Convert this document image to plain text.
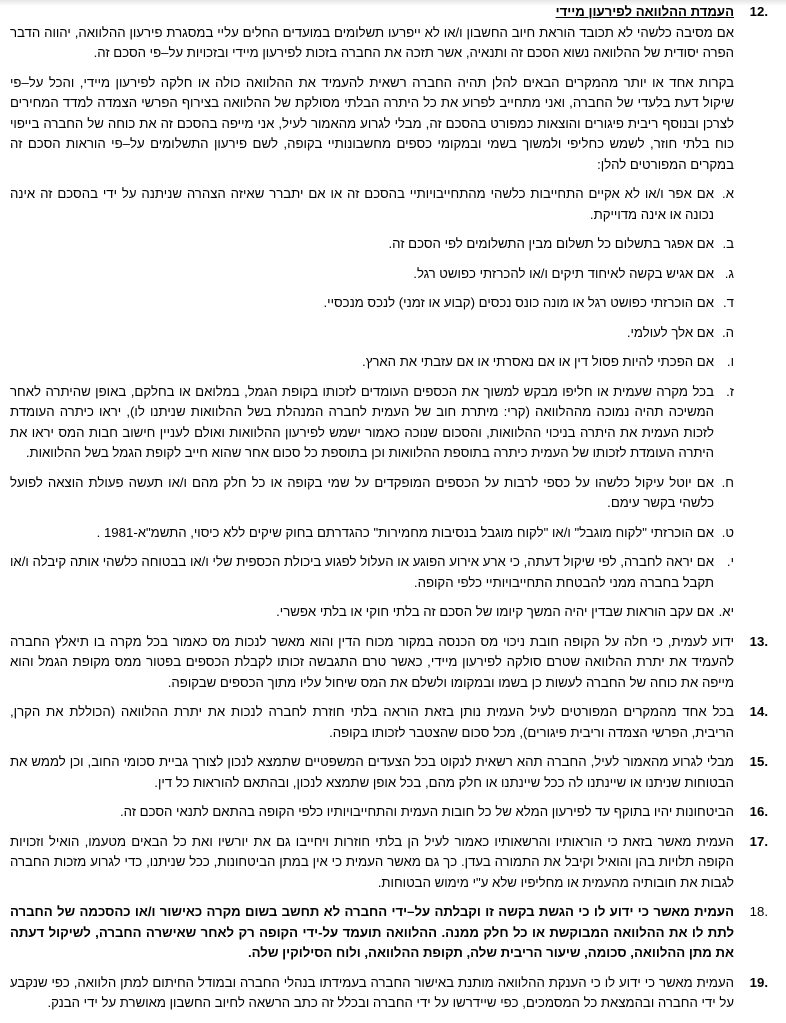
12.
העמדת ההלוואה לפירעון מיידי

אם מסיבה כלשהי לא תכובד הוראת חיוב החשבון ו/או לא ייפרעו תשלומים במועדים החלים עליי במסגרת פירעון ההלוואה, יהווה הדבר הפרה יסודית של ההלוואה נשוא הסכם זה ותנאיה, אשר תזכה את החברה בזכות לפירעון מיידי ובזכויות על–פי הסכם זה.

בקרות אחד או יותר מהמקרים הבאים להלן תהיה החברה רשאית להעמיד את ההלוואה כולה או חלקה לפירעון מיידי, והכל על–פי שיקול דעת בלעדי של החברה, ואני מתחייב לפרוע את כל היתרה הבלתי מסולקת של ההלוואה בצירוף הפרשי הצמדה למדד המחירים לצרכן ובנוסף ריבית פיגורים והוצאות כמפורט בהסכם זה, מבלי לגרוע מהאמור לעיל, אני מייפה בהסכם זה את כוחה של החברה בייפוי כוח בלתי חוזר, לשמש כחליפי ולמשוך בשמי ובמקומי כספים מחשבונותיי בקופה, לשם פירעון התשלומים על–פי הוראות הסכם זה במקרים המפורטים להלן:

א.
אם אפר ו/או לא אקיים התחייבות כלשהי מהתחייבויותיי בהסכם זה או אם יתברר שאיזה הצהרה שניתנה על ידי בהסכם זה אינה נכונה או אינה מדוייקת.
ב.
אם אפגר בתשלום כל תשלום מבין התשלומים לפי הסכם זה.
ג.
אם אגיש בקשה לאיחוד תיקים ו/או להכרזתי כפושט רגל.
ד.
אם הוכרזתי כפושט רגל או מונה כונס נכסים (קבוע או זמני) לנכס מנכסיי.
ה.
אם אלך לעולמי.
ו.
אם הפכתי להיות פסול דין או אם נאסרתי או אם עזבתי את הארץ.
ז.
בכל מקרה שעמית או חליפו מבקש למשוך את הכספים העומדים לזכותו בקופת הגמל, במלואם או בחלקם, באופן שהיתרה לאחר המשיכה תהיה נמוכה מההלוואה (קרי: מיתרת חוב של העמית לחברה המנהלת בשל ההלוואות שניתנו לו), יראו כיתרה העומדת לזכות העמית את היתרה בניכוי ההלוואות, והסכום שנוכה כאמור ישמש לפירעון ההלוואות ואולם לעניין חישוב חבות המס יראו את היתרה העומדת לזכותו של העמית כיתרה בתוספת ההלוואות וכן בתוספת כל סכום אחר שהוא חייב לקופת הגמל בשל ההלוואות.
ח.
אם יוטל עיקול כלשהו על כספי לרבות על הכספים המופקדים על שמי בקופה או כל חלק מהם ו/או תעשה פעולת הוצאה לפועל כלשהי בקשר עימם.
ט.
אם הוכרזתי "לקוח מוגבל" ו/או "לקוח מוגבל בנסיבות מחמירות" כהגדרתם בחוק שיקים ללא כיסוי, התשמ"א-1981 .
י.
אם יראה לחברה, לפי שיקול דעתה, כי ארע אירוע הפוגע או העלול לפגוע ביכולת הכספית שלי ו/או בבטוחה כלשהי אותה קיבלה ו/או תקבל בחברה ממני להבטחת התחייבויותיי כלפי הקופה.
יא.
אם עקב הוראות שבדין יהיה המשך קיומו של הסכם זה בלתי חוקי או בלתי אפשרי.
13.
ידוע לעמית, כי חלה על הקופה חובת ניכוי מס הכנסה במקור מכוח הדין והוא מאשר לנכות מס כאמור בכל מקרה בו תיאלץ החברה להעמיד את יתרת ההלוואה שטרם סולקה לפירעון מיידי, כאשר טרם התגבשה זכותו לקבלת הכספים בפטור ממס מקופת הגמל והוא מייפה את כוחה של החברה לעשות כן בשמו ובמקומו ולשלם את המס שיחול עליו מתוך הכספים שבקופה.
14.
בכל אחד מהמקרים המפורטים לעיל העמית נותן בזאת הוראה בלתי חוזרת לחברה לנכות את יתרת ההלוואה (הכוללת את הקרן, הריבית, הפרשי הצמדה וריבית פיגורים), מכל סכום שהצטבר לזכותו בקופה.
15.
מבלי לגרוע מהאמור לעיל, החברה תהא רשאית לנקוט בכל הצעדים המשפטיים שתמצא לנכון לצורך גביית סכומי החוב, וכן לממש את הבטוחות שניתנו או שיינתנו לה ככל שיינתנו או חלק מהם, בכל אופן שתמצא לנכון, ובהתאם להוראות כל דין.
16.
הביטחונות יהיו בתוקף עד לפירעון המלא של כל חובות העמית והתחייבויותיו כלפי הקופה בהתאם לתנאי הסכם זה.
17.
העמית מאשר בזאת כי הוראותיו והרשאותיו כאמור לעיל הן בלתי חוזרות ויחייבו גם את יורשיו ואת כל הבאים מטעמו, הואיל וזכויות הקופה תלויות בהן והואיל וקיבל את התמורה בעדן. כך גם מאשר העמית כי אין במתן הביטחונות, ככל שניתנו, כדי לגרוע מזכות החברה לגבות את חובותיה מהעמית או מחליפיו שלא ע"י מימוש הבטוחות.
18.
העמית מאשר כי ידוע לו כי הגשת בקשה זו וקבלתה על–ידי החברה לא תחשב בשום מקרה כאישור ו/או כהסכמה של החברה לתת לו את ההלוואה המבוקשת או כל חלק ממנה. ההלוואה תועמד על-ידי הקופה רק לאחר שאישרה החברה, לשיקול דעתה את מתן ההלוואה, סכומה, שיעור הריבית שלה, תקופת ההלוואה, ולוח הסילוקין שלה.
19.
העמית מאשר כי ידוע לו כי הענקת ההלוואה מותנת באישור החברה בעמידתו בנהלי החברה ובמודל החיתום למתן הלוואה, כפי שנקבע על ידי החברה ובהמצאת כל המסמכים, כפי שיידרשו על ידי החברה ובכלל זה כתב הרשאה לחיוב החשבון מאושרת על ידי הבנק.
